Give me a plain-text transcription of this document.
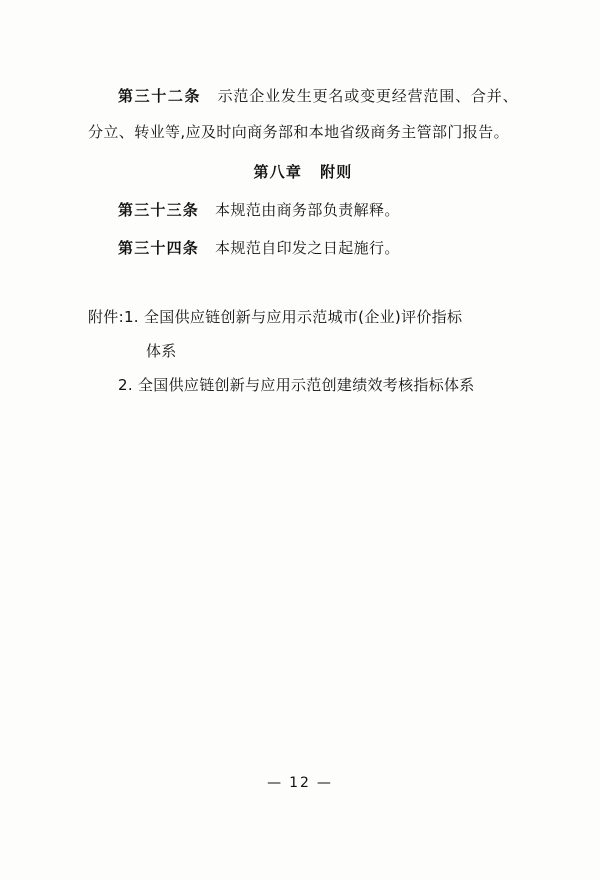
第三十二条 示范企业发生更名或变更经营范围、合并、分立、转业等,应及时向商务部和本地省级商务主管部门报告。

第八章 附则

第三十三条 本规范由商务部负责解释。

第三十四条 本规范自印发之日起施行。

附件:1. 全国供应链创新与应用示范城市(企业)评价指标
体系
2. 全国供应链创新与应用示范创建绩效考核指标体系
— 12 —
